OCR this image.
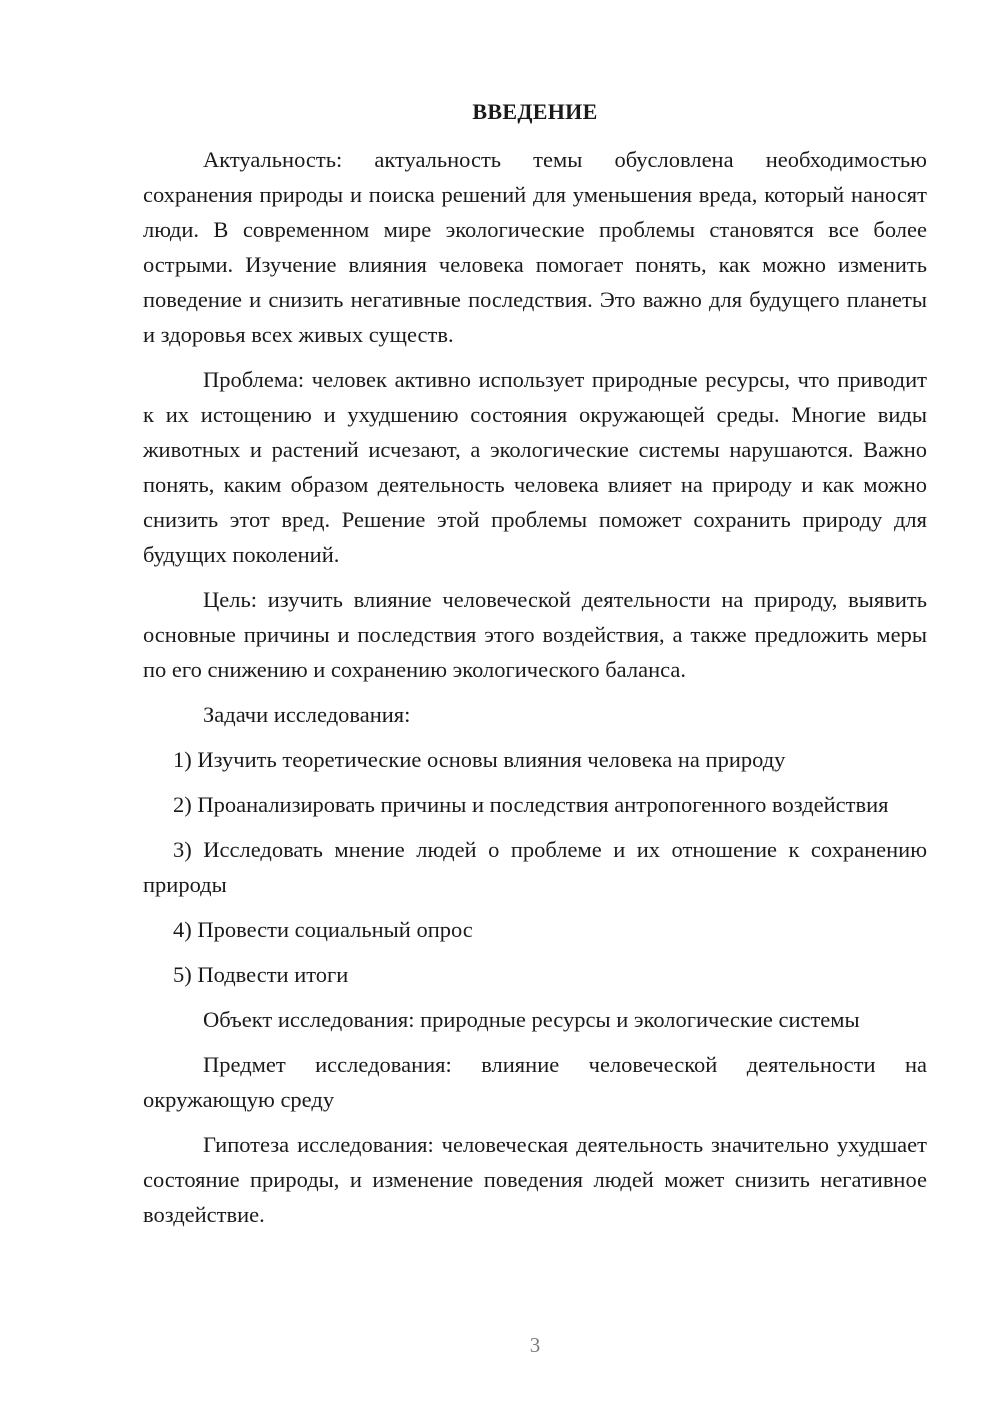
ВВЕДЕНИЕ
Актуальность: актуальность темы обусловлена необходимостью сохранения природы и поиска решений для уменьшения вреда, который наносят люди. В современном мире экологические проблемы становятся все более острыми. Изучение влияния человека помогает понять, как можно изменить поведение и снизить негативные последствия. Это важно для будущего планеты и здоровья всех живых существ.
Проблема: человек активно использует природные ресурсы, что приводит к их истощению и ухудшению состояния окружающей среды. Многие виды животных и растений исчезают, а экологические системы нарушаются. Важно понять, каким образом деятельность человека влияет на природу и как можно снизить этот вред. Решение этой проблемы поможет сохранить природу для будущих поколений.
Цель: изучить влияние человеческой деятельности на природу, выявить основные причины и последствия этого воздействия, а также предложить меры по его снижению и сохранению экологического баланса.
Задачи исследования:
1) Изучить теоретические основы влияния человека на природу
2) Проанализировать причины и последствия антропогенного воздействия
3) Исследовать мнение людей о проблеме и их отношение к сохранению природы
4) Провести социальный опрос
5) Подвести итоги
Объект исследования: природные ресурсы и экологические системы
Предмет исследования: влияние человеческой деятельности на окружающую среду
Гипотеза исследования: человеческая деятельность значительно ухудшает состояние природы, и изменение поведения людей может снизить негативное воздействие.
3
